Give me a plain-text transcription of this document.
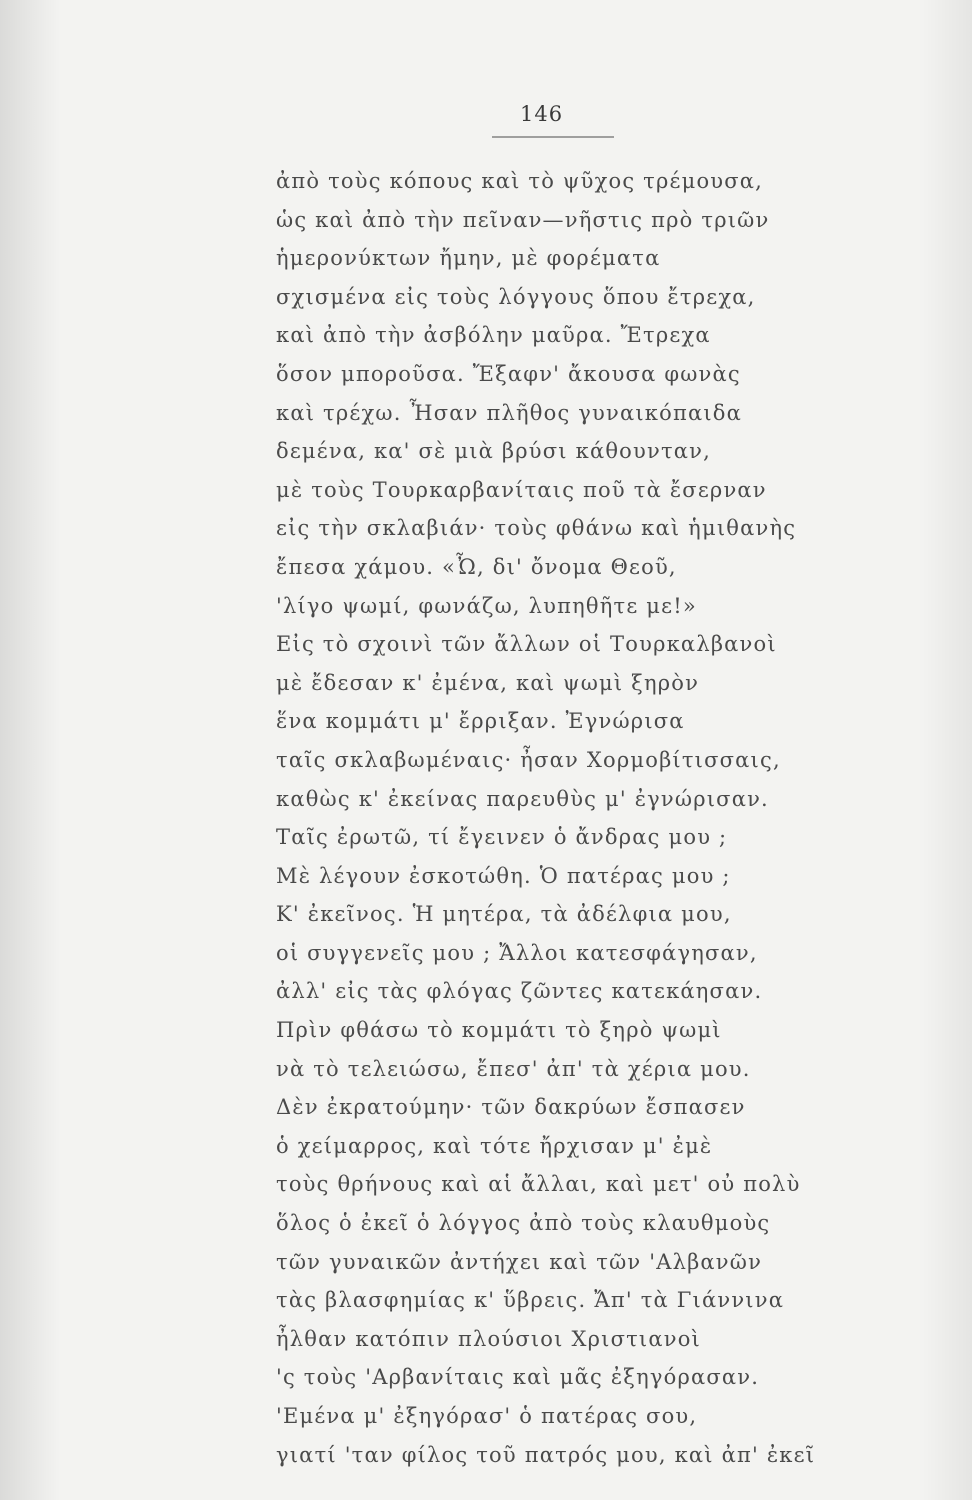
146
ἀπὸ τοὺς κόπους καὶ τὸ ψῦχος τρέμουσα,
ὡς καὶ ἀπὸ τὴν πεῖναν—νῆστις πρὸ τριῶν
ἡμερονύκτων ἤμην, μὲ φορέματα
σχισμένα εἰς τοὺς λόγγους ὅπου ἔτρεχα,
καὶ ἀπὸ τὴν ἀσβόλην μαῦρα. Ἔτρεχα
ὅσον μποροῦσα. Ἔξαφν' ἄκουσα φωνὰς
καὶ τρέχω. Ἦσαν πλῆθος γυναικόπαιδα
δεμένα, κα' σὲ μιὰ βρύσι κάθουνταν,
μὲ τοὺς Τουρκαρβανίταις ποῦ τὰ ἔσερναν
εἰς τὴν σκλαβιάν· τοὺς φθάνω καὶ ἡμιθανὴς
ἔπεσα χάμου. «Ὦ, δι' ὄνομα Θεοῦ,
'λίγο ψωμί, φωνάζω, λυπηθῆτε με!»
Εἰς τὸ σχοινὶ τῶν ἄλλων οἱ Τουρκαλβανοὶ
μὲ ἔδεσαν κ' ἐμένα, καὶ ψωμὶ ξηρὸν
ἕνα κομμάτι μ' ἔρριξαν. Ἐγνώρισα
ταῖς σκλαβωμέναις· ἦσαν Χορμοβίτισσαις,
καθὼς κ' ἐκείνας παρευθὺς μ' ἐγνώρισαν.
Ταῖς ἐρωτῶ, τί ἔγεινεν ὁ ἄνδρας μου ;
Μὲ λέγουν ἐσκοτώθη. Ὁ πατέρας μου ;
Κ' ἐκεῖνος. Ἡ μητέρα, τὰ ἀδέλφια μου,
οἱ συγγενεῖς μου ; Ἄλλοι κατεσφάγησαν,
ἀλλ' εἰς τὰς φλόγας ζῶντες κατεκάησαν.
Πρὶν φθάσω τὸ κομμάτι τὸ ξηρὸ ψωμὶ
νὰ τὸ τελειώσω, ἔπεσ' ἀπ' τὰ χέρια μου.
Δὲν ἐκρατούμην· τῶν δακρύων ἔσπασεν
ὁ χείμαρρος, καὶ τότε ἤρχισαν μ' ἐμὲ
τοὺς θρήνους καὶ αἱ ἄλλαι, καὶ μετ' οὐ πολὺ
ὅλος ὁ ἐκεῖ ὁ λόγγος ἀπὸ τοὺς κλαυθμοὺς
τῶν γυναικῶν ἀντήχει καὶ τῶν 'Αλβανῶν
τὰς βλασφημίας κ' ὕβρεις. Ἄπ' τὰ Γιάννινα
ἦλθαν κατόπιν πλούσιοι Χριστιανοὶ
'ς τοὺς 'Αρβανίταις καὶ μᾶς ἐξηγόρασαν.
'Εμένα μ' ἐξηγόρασ' ὁ πατέρας σου,
γιατί 'ταν φίλος τοῦ πατρός μου, καὶ ἀπ' ἐκεῖ
